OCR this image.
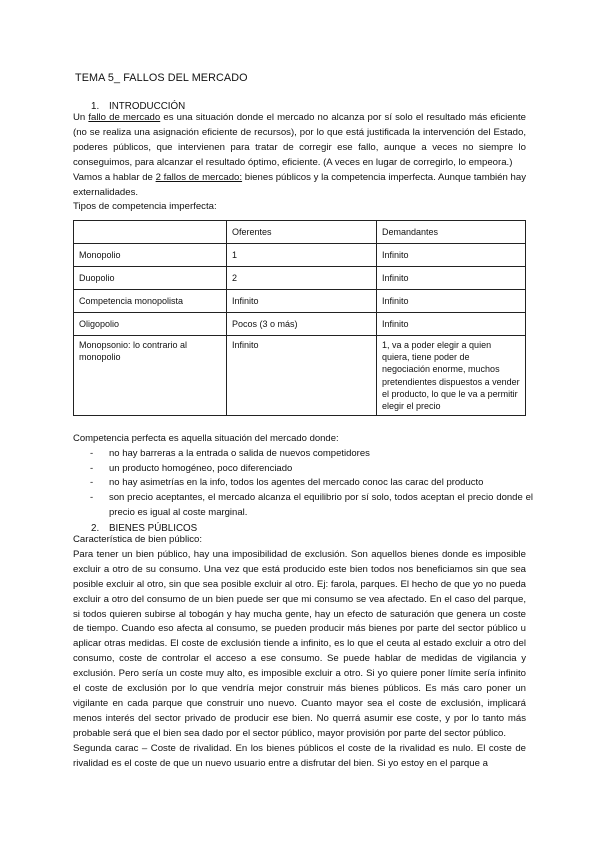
TEMA 5_ FALLOS DEL MERCADO
1. INTRODUCCIÓN

Un fallo de mercado es una situación donde el mercado no alcanza por sí solo el resultado más eficiente (no se realiza una asignación eficiente de recursos), por lo que está justificada la intervención del Estado, poderes públicos, que intervienen para tratar de corregir ese fallo, aunque a veces no siempre lo conseguimos, para alcanzar el resultado óptimo, eficiente. (A veces en lugar de corregirlo, lo empeora.)

Vamos a hablar de 2 fallos de mercado: bienes públicos y la competencia imperfecta. Aunque también hay externalidades.

Tipos de competencia imperfecta:

	Oferentes	Demandantes
Monopolio	1	Infinito
Duopolio	2	Infinito
Competencia monopolista	Infinito	Infinito
Oligopolio	Pocos (3 o más)	Infinito
Monopsonio: lo contrario al monopolio	Infinito	1, va a poder elegir a quien quiera, tiene poder de negociación enorme, muchos pretendientes dispuestos a vender el producto, lo que le va a permitir elegir el precio

Competencia perfecta es aquella situación del mercado donde:

- no hay barreras a la entrada o salida de nuevos competidores
- un producto homogéneo, poco diferenciado
- no hay asimetrías en la info, todos los agentes del mercado conoc las carac del producto
- son precio aceptantes, el mercado alcanza el equilibrio por sí solo, todos aceptan el precio donde el precio es igual al coste marginal.
2. BIENES PÚBLICOS

Característica de bien público:

Para tener un bien público, hay una imposibilidad de exclusión. Son aquellos bienes donde es imposible excluir a otro de su consumo. Una vez que está producido este bien todos nos beneficiamos sin que sea posible excluir al otro, sin que sea posible excluir al otro. Ej: farola, parques. El hecho de que yo no pueda excluir a otro del consumo de un bien puede ser que mi consumo se vea afectado. En el caso del parque, si todos quieren subirse al tobogán y hay mucha gente, hay un efecto de saturación que genera un coste de tiempo. Cuando eso afecta al consumo, se pueden producir más bienes por parte del sector público u aplicar otras medidas. El coste de exclusión tiende a infinito, es lo que el ceuta al estado excluir a otro del consumo, coste de controlar el acceso a ese consumo. Se puede hablar de medidas de vigilancia y exclusión. Pero sería un coste muy alto, es imposible excluir a otro. Si yo quiere poner límite sería infinito el coste de exclusión por lo que vendría mejor construir más bienes públicos. Es más caro poner un vigilante en cada parque que construir uno nuevo. Cuanto mayor sea el coste de exclusión, implicará menos interés del sector privado de producir ese bien. No querrá asumir ese coste, y por lo tanto más probable será que el bien sea dado por el sector público, mayor provisión por parte del sector público.

Segunda carac – Coste de rivalidad. En los bienes públicos el coste de la rivalidad es nulo. El coste de rivalidad es el coste de que un nuevo usuario entre a disfrutar del bien. Si yo estoy en el parque a
